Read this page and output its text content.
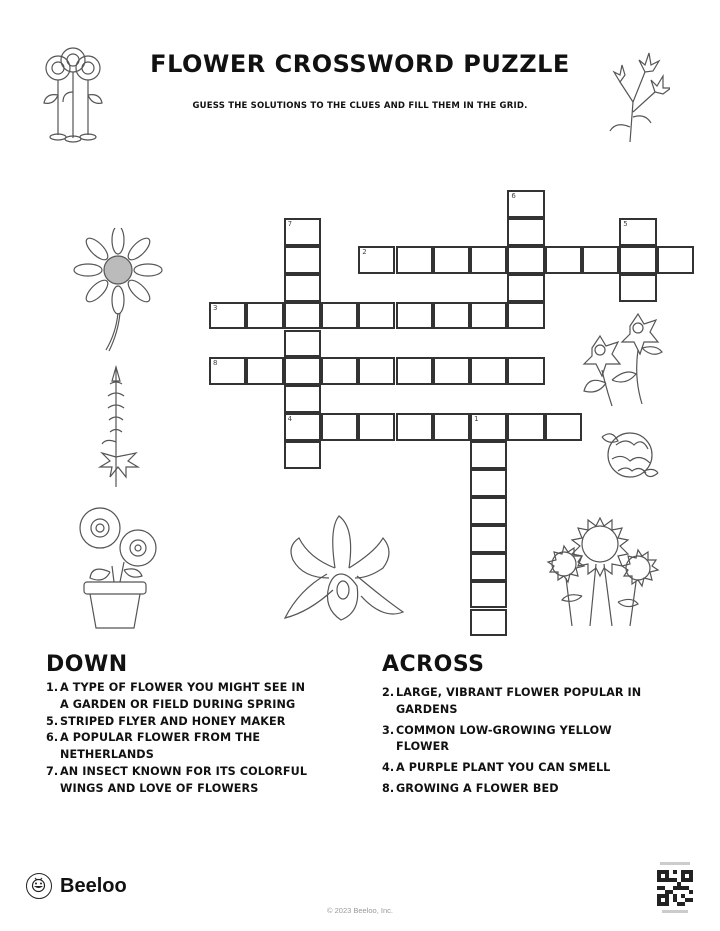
FLOWER CROSSWORD PUZZLE
GUESS THE SOLUTIONS TO THE CLUES AND FILL THEM IN THE GRID.
1
2
3
4
5
6
7
8
DOWN
1. A TYPE OF FLOWER YOU MIGHT SEE IN A GARDEN OR FIELD DURING SPRING
5. STRIPED FLYER AND HONEY MAKER
6. A POPULAR FLOWER FROM THE NETHERLANDS
7. AN INSECT KNOWN FOR ITS COLORFUL WINGS AND LOVE OF FLOWERS
ACROSS
2. LARGE, VIBRANT FLOWER POPULAR IN GARDENS
3. COMMON LOW-GROWING YELLOW FLOWER
4. A PURPLE PLANT YOU CAN SMELL
8. GROWING A FLOWER BED
Beeloo
© 2023 Beeloo, Inc.
